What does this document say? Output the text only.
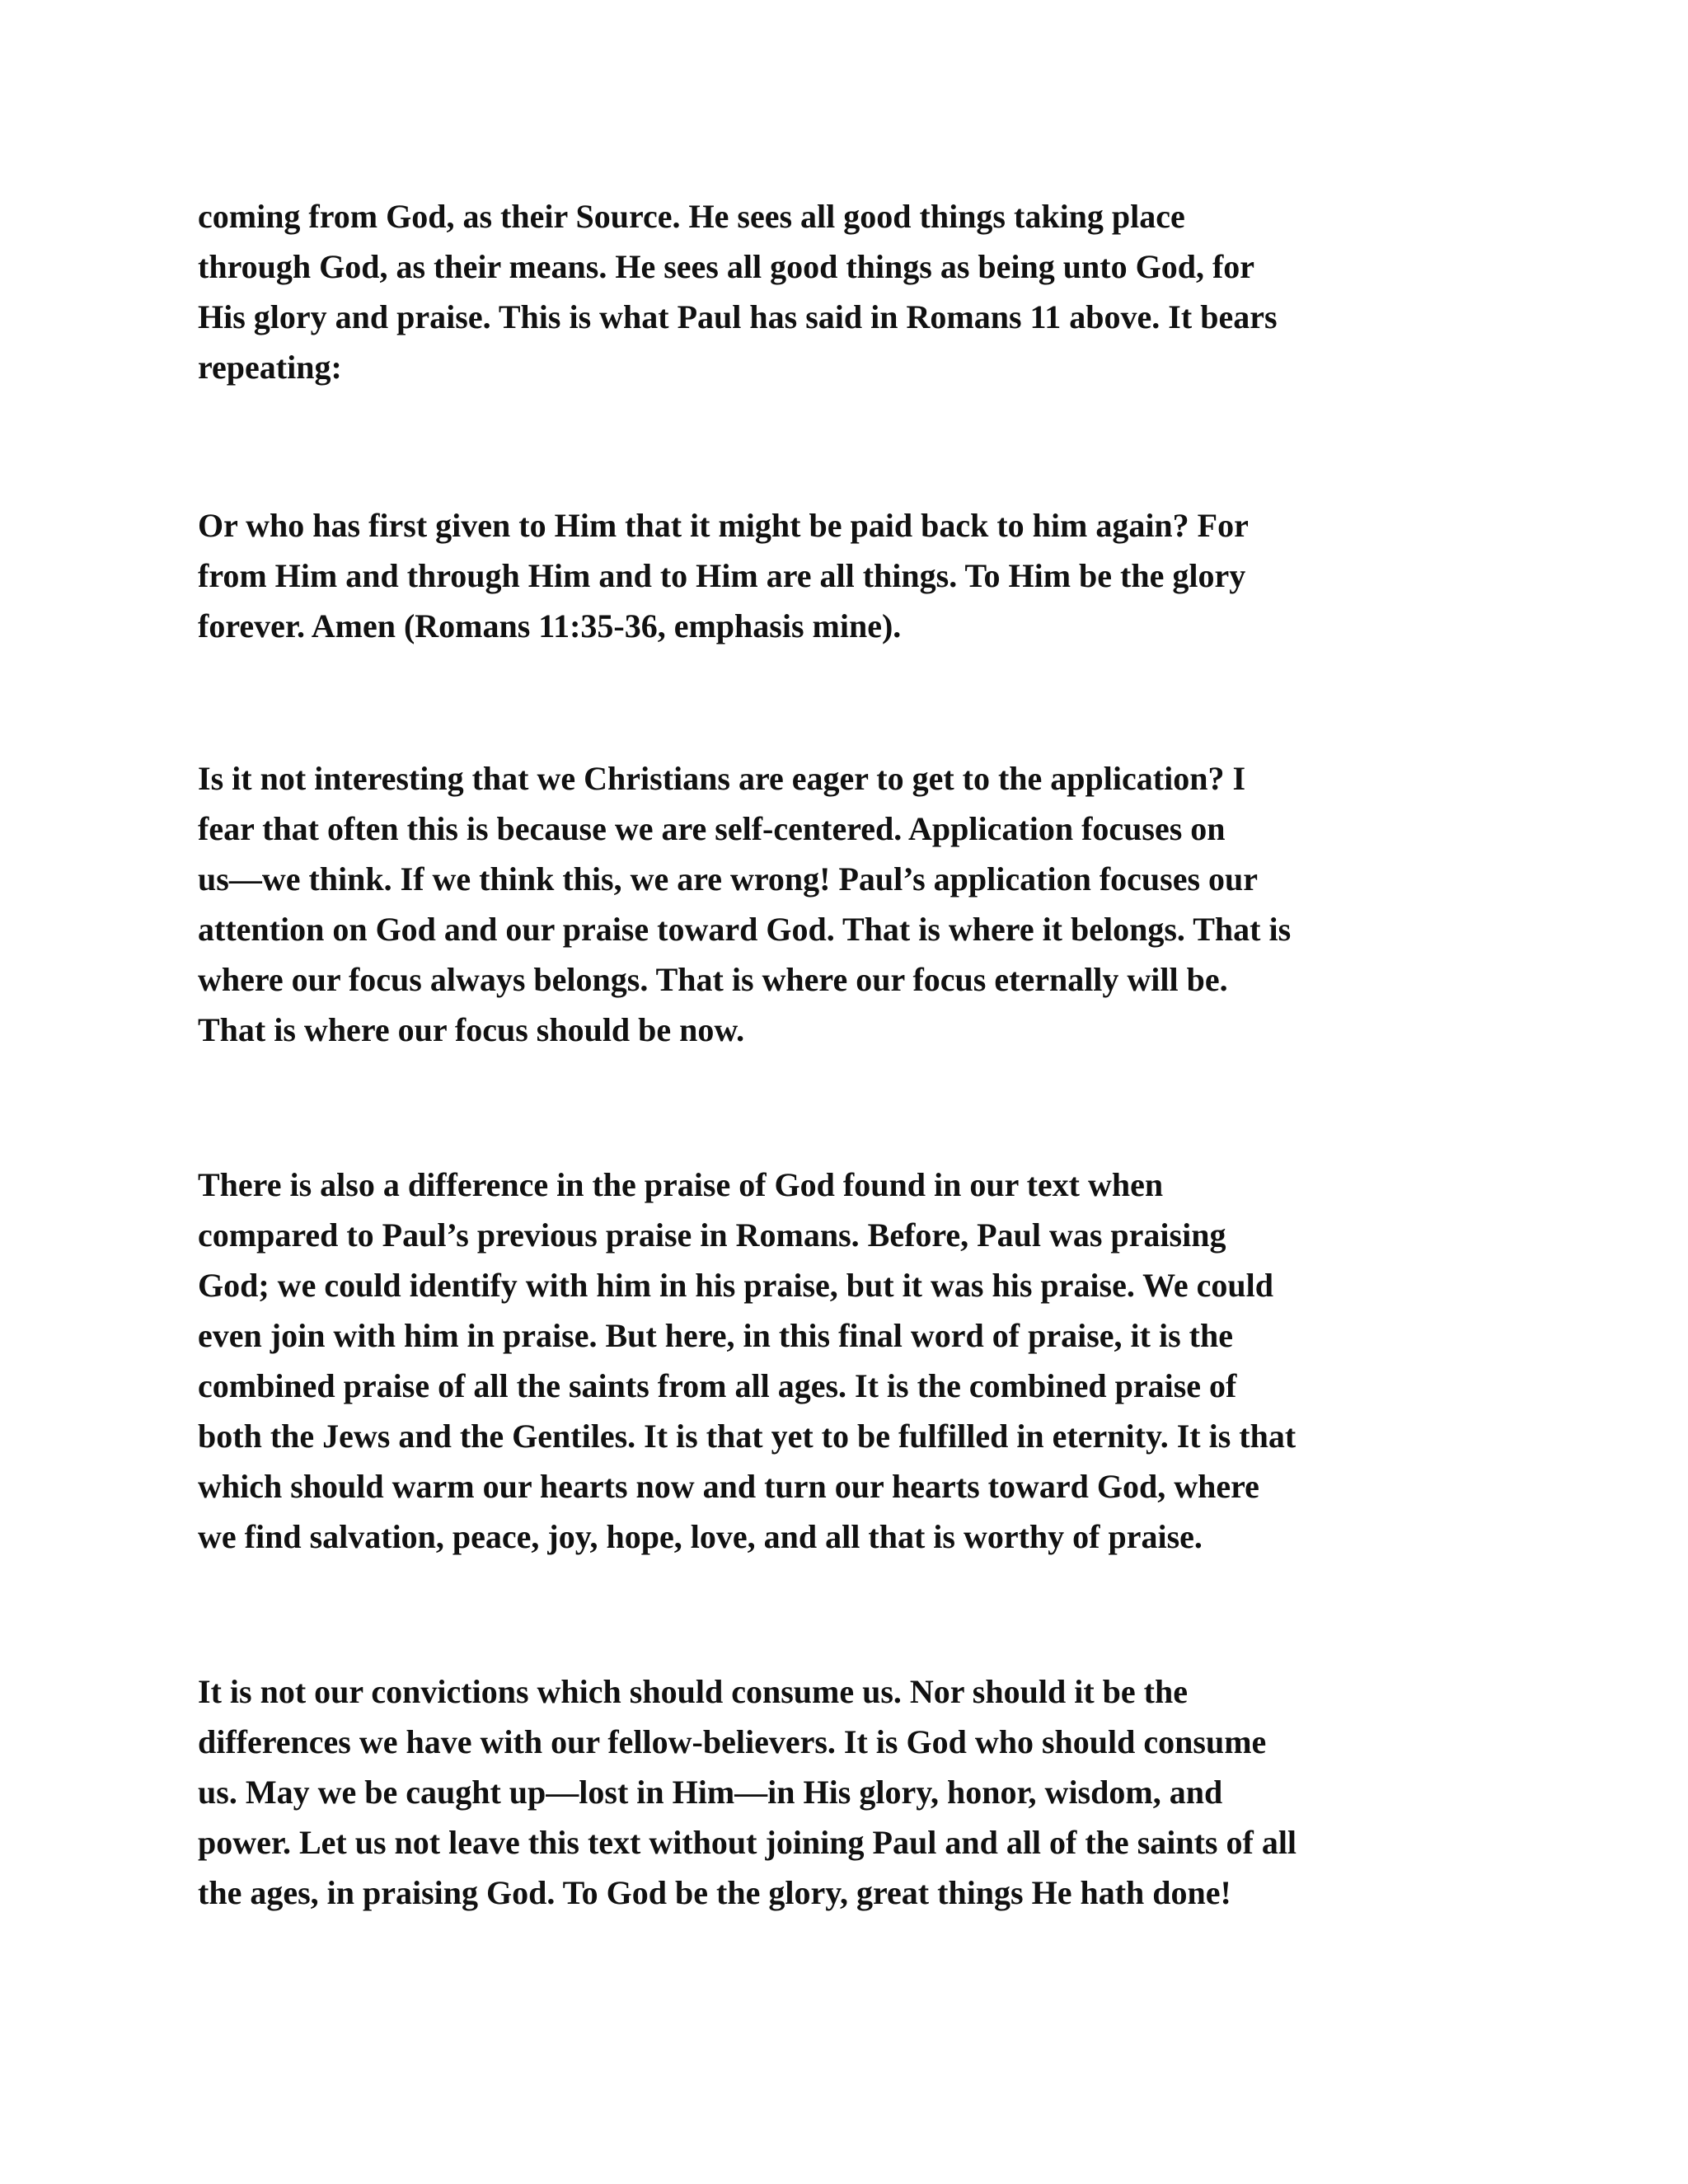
coming from God, as their Source. He sees all good things taking place
through God, as their means. He sees all good things as being unto God, for
His glory and praise. This is what Paul has said in Romans 11 above. It bears
repeating:

Or who has first given to Him that it might be paid back to him again? For
from Him and through Him and to Him are all things. To Him be the glory
forever. Amen (Romans 11:35-36, emphasis mine).

Is it not interesting that we Christians are eager to get to the application? I
fear that often this is because we are self-centered. Application focuses on
us—we think. If we think this, we are wrong! Paul’s application focuses our
attention on God and our praise toward God. That is where it belongs. That is
where our focus always belongs. That is where our focus eternally will be.
That is where our focus should be now.

There is also a difference in the praise of God found in our text when
compared to Paul’s previous praise in Romans. Before, Paul was praising
God; we could identify with him in his praise, but it was his praise. We could
even join with him in praise. But here, in this final word of praise, it is the
combined praise of all the saints from all ages. It is the combined praise of
both the Jews and the Gentiles. It is that yet to be fulfilled in eternity. It is that
which should warm our hearts now and turn our hearts toward God, where
we find salvation, peace, joy, hope, love, and all that is worthy of praise.

It is not our convictions which should consume us. Nor should it be the
differences we have with our fellow-believers. It is God who should consume
us. May we be caught up—lost in Him—in His glory, honor, wisdom, and
power. Let us not leave this text without joining Paul and all of the saints of all
the ages, in praising God. To God be the glory, great things He hath done!
